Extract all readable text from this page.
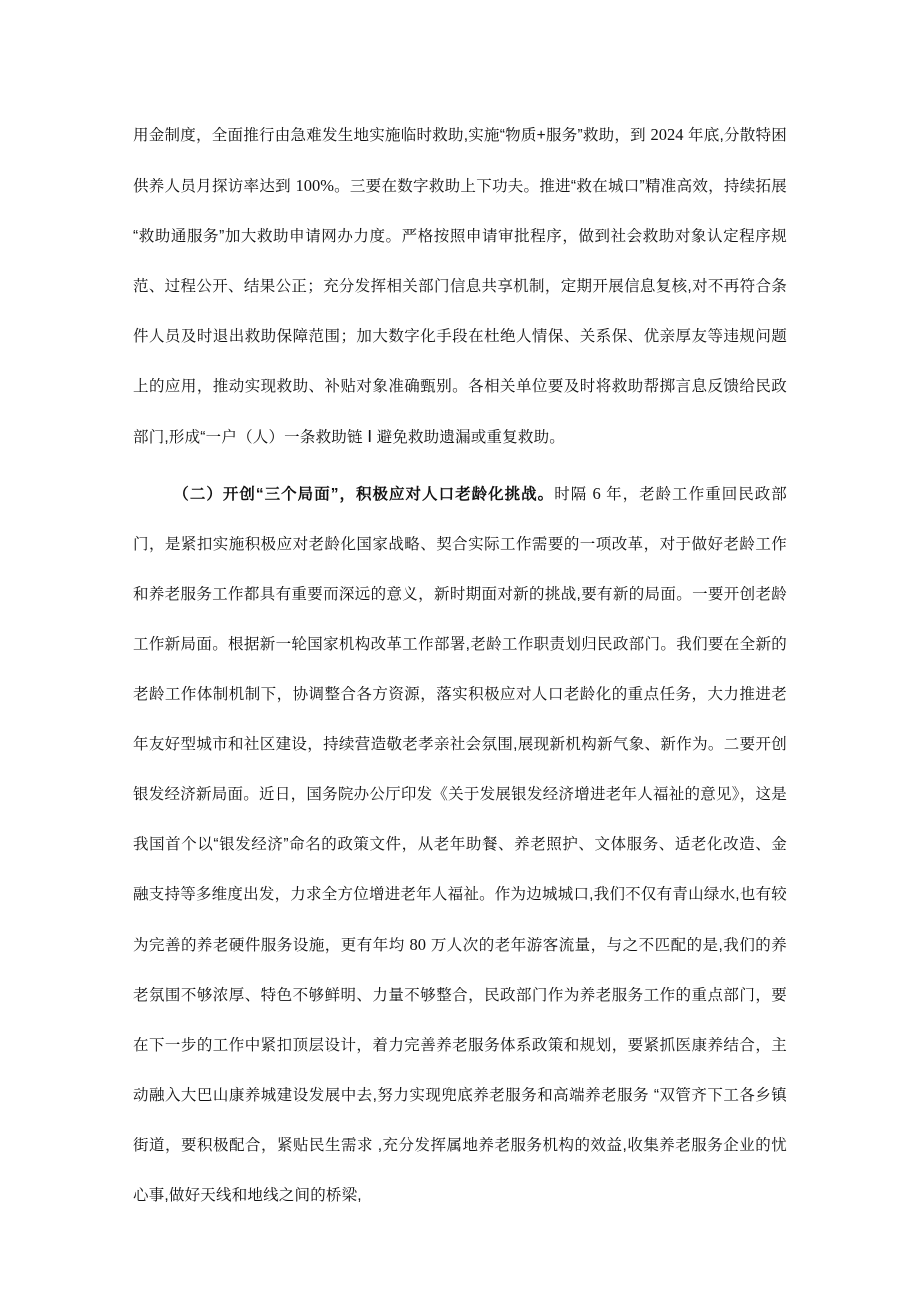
用金制度，全面推行由急难发生地实施临时救助,实施“物质+服务”救助，到 2024 年底,分散特困供养人员月探访率达到 100%。三要在数字救助上下功夫。推进“救在城口”精准高效，持续拓展 “救助通服务”加大救助申请网办力度。严格按照申请审批程序，做到社会救助对象认定程序规范、过程公开、结果公正；充分发挥相关部门信息共享机制，定期开展信息复核,对不再符合条件人员及时退出救助保障范围；加大数字化手段在杜绝人情保、关系保、优亲厚友等违规问题上的应用，推动实现救助、补贴对象准确甄别。各相关单位要及时将救助帮掷言息反馈给民政部门,形成“一户（人）一条救助链 Ⅰ 避免救助遗漏或重复救助。

（二）开创“三个局面”，积极应对人口老龄化挑战。时隔 6 年，老龄工作重回民政部门，是紧扣实施积极应对老龄化国家战略、契合实际工作需要的一项改革，对于做好老龄工作和养老服务工作都具有重要而深远的意义，新时期面对新的挑战,要有新的局面。一要开创老龄工作新局面。根据新一轮国家机构改革工作部署,老龄工作职责划归民政部门。我们要在全新的老龄工作体制机制下，协调整合各方资源，落实积极应对人口老龄化的重点任务，大力推进老年友好型城市和社区建设，持续营造敬老孝亲社会氛围,展现新机构新气象、新作为。二要开创银发经济新局面。近日，国务院办公厅印发《关于发展银发经济增进老年人福祉的意见》，这是我国首个以“银发经济”命名的政策文件，从老年助餐、养老照护、文体服务、适老化改造、金融支持等多维度出发，力求全方位增进老年人福祉。作为边城城口,我们不仅有青山绿水,也有较为完善的养老硬件服务设施，更有年均 80 万人次的老年游客流量，与之不匹配的是,我们的养老氛围不够浓厚、特色不够鲜明、力量不够整合，民政部门作为养老服务工作的重点部门，要在下一步的工作中紧扣顶层设计，着力完善养老服务体系政策和规划，要紧抓医康养结合，主动融入大巴山康养城建设发展中去,努力实现兜底养老服务和高端养老服务 “双管齐下工各乡镇街道，要积极配合，紧贴民生需求 ,充分发挥属地养老服务机构的效益,收集养老服务企业的忧心事,做好天线和地线之间的桥梁,
